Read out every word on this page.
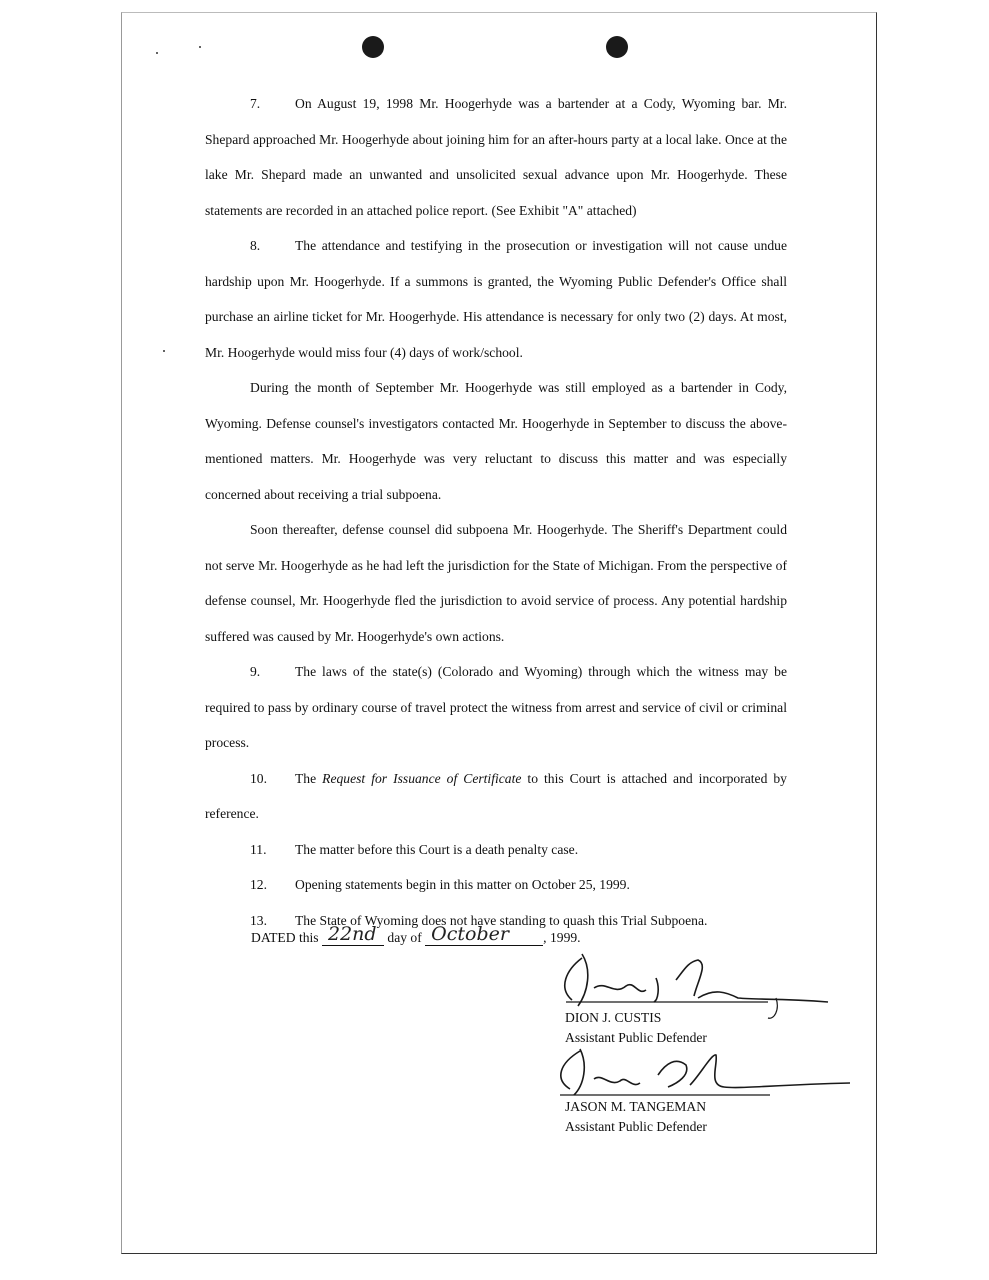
7.	On August 19, 1998 Mr. Hoogerhyde was a bartender at a Cody, Wyoming bar. Mr. Shepard approached Mr. Hoogerhyde about joining him for an after-hours party at a local lake. Once at the lake Mr. Shepard made an unwanted and unsolicited sexual advance upon Mr. Hoogerhyde. These statements are recorded in an attached police report. (See Exhibit "A" attached)

8.	The attendance and testifying in the prosecution or investigation will not cause undue hardship upon Mr. Hoogerhyde. If a summons is granted, the Wyoming Public Defender's Office shall purchase an airline ticket for Mr. Hoogerhyde. His attendance is necessary for only two (2) days. At most, Mr. Hoogerhyde would miss four (4) days of work/school.

During the month of September Mr. Hoogerhyde was still employed as a bartender in Cody, Wyoming. Defense counsel's investigators contacted Mr. Hoogerhyde in September to discuss the above-mentioned matters. Mr. Hoogerhyde was very reluctant to discuss this matter and was especially concerned about receiving a trial subpoena.

Soon thereafter, defense counsel did subpoena Mr. Hoogerhyde. The Sheriff's Department could not serve Mr. Hoogerhyde as he had left the jurisdiction for the State of Michigan. From the perspective of defense counsel, Mr. Hoogerhyde fled the jurisdiction to avoid service of process. Any potential hardship suffered was caused by Mr. Hoogerhyde's own actions.

9.	The laws of the state(s) (Colorado and Wyoming) through which the witness may be required to pass by ordinary course of travel protect the witness from arrest and service of civil or criminal process.

10. The Request for Issuance of Certificate to this Court is attached and incorporated by reference.

11. The matter before this Court is a death penalty case.

12. Opening statements begin in this matter on October 25, 1999.

13. The State of Wyoming does not have standing to quash this Trial Subpoena.

DATED this 22nd day of October	, 1999.
DION J. CUSTIS
Assistant Public Defender
JASON M. TANGEMAN
Assistant Public Defender
